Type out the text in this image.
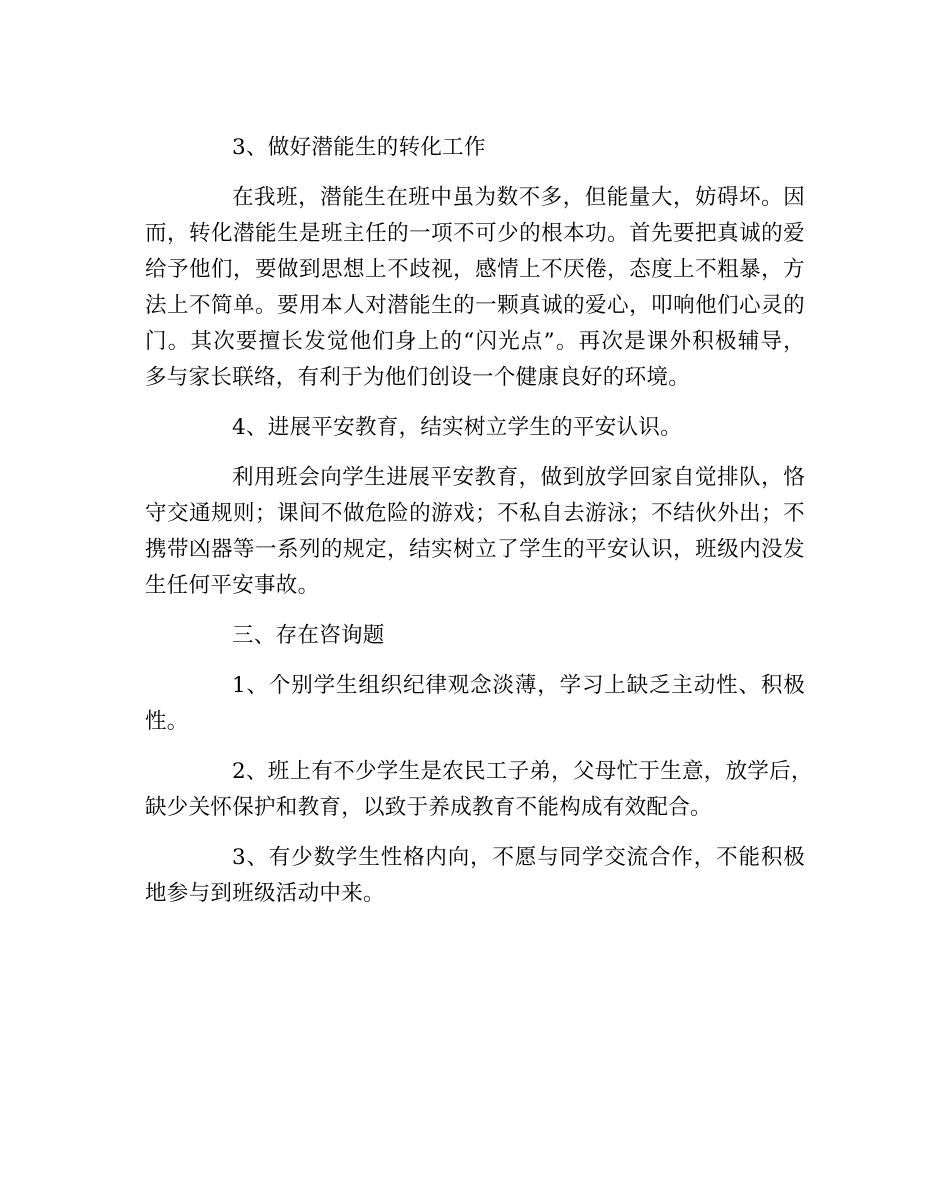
3、做好潜能生的转化工作
在我班，潜能生在班中虽为数不多，但能量大，妨碍坏。因
而，转化潜能生是班主任的一项不可少的根本功。首先要把真诚的爱
给予他们，要做到思想上不歧视，感情上不厌倦，态度上不粗暴，方
法上不简单。要用本人对潜能生的一颗真诚的爱心，叩响他们心灵的
门。其次要擅长发觉他们身上的“闪光点”。再次是课外积极辅导，
多与家长联络，有利于为他们创设一个健康良好的环境。
4、进展平安教育，结实树立学生的平安认识。
利用班会向学生进展平安教育，做到放学回家自觉排队，恪
守交通规则；课间不做危险的游戏；不私自去游泳；不结伙外出；不
携带凶器等一系列的规定，结实树立了学生的平安认识，班级内没发
生任何平安事故。
三、存在咨询题
1、个别学生组织纪律观念淡薄，学习上缺乏主动性、积极
性。
2、班上有不少学生是农民工子弟，父母忙于生意，放学后，
缺少关怀保护和教育，以致于养成教育不能构成有效配合。
3、有少数学生性格内向，不愿与同学交流合作，不能积极
地参与到班级活动中来。
